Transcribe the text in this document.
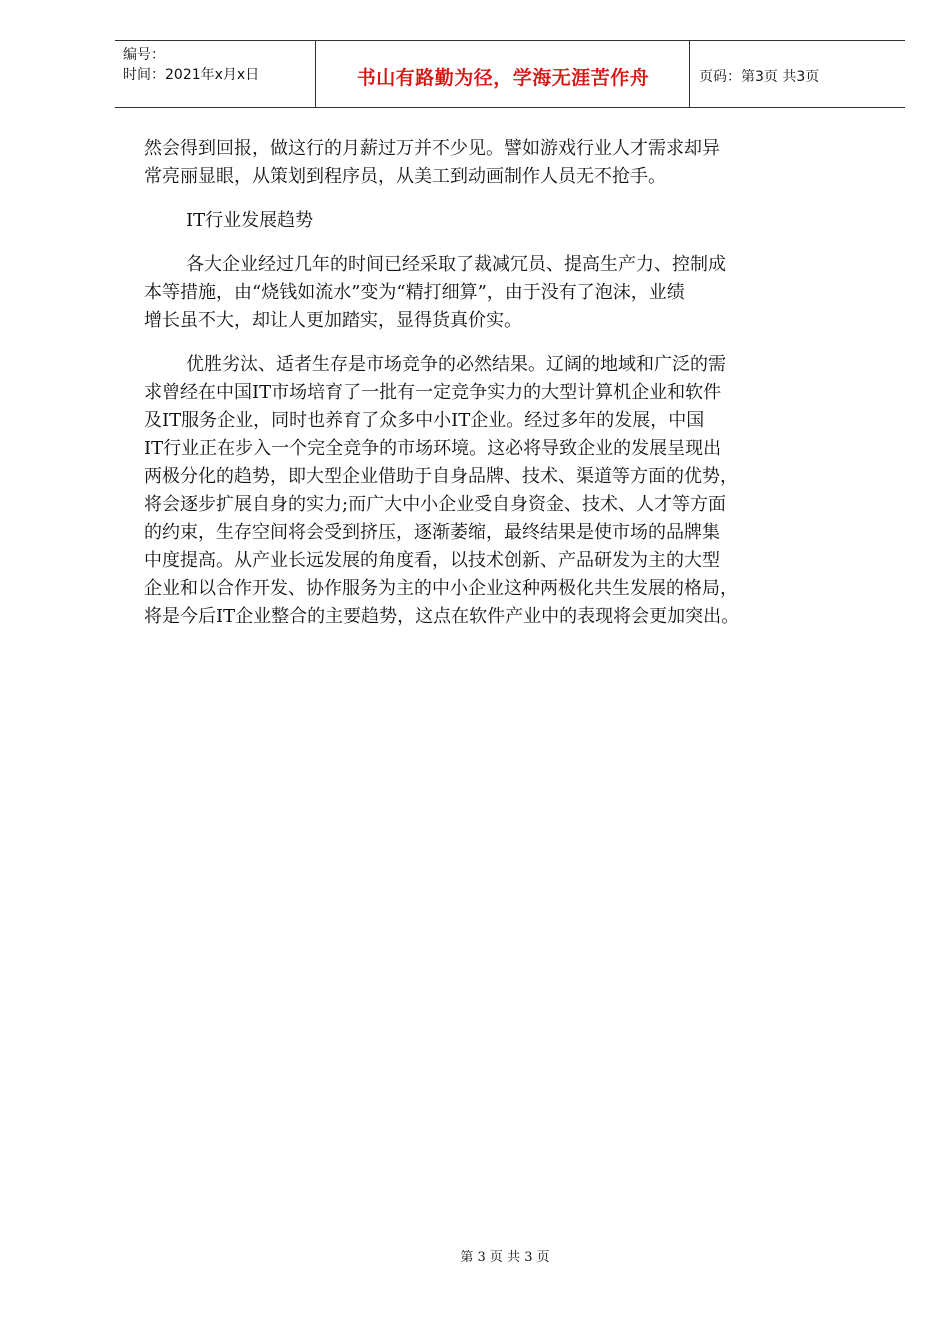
编号：
时间：2021年x月x日	书山有路勤为径，学海无涯苦作舟	页码：第3页 共3页

然会得到回报，做这行的月薪过万并不少见。譬如游戏行业人才需求却异

常亮丽显眼，从策划到程序员，从美工到动画制作人员无不抢手。

IT行业发展趋势

各大企业经过几年的时间已经采取了裁减冗员、提高生产力、控制成

本等措施，由“烧钱如流水”变为“精打细算”，由于没有了泡沫，业绩

增长虽不大，却让人更加踏实，显得货真价实。

优胜劣汰、适者生存是市场竞争的必然结果。辽阔的地域和广泛的需

求曾经在中国IT市场培育了一批有一定竞争实力的大型计算机企业和软件

及IT服务企业，同时也养育了众多中小IT企业。经过多年的发展，中国

IT行业正在步入一个完全竞争的市场环境。这必将导致企业的发展呈现出

两极分化的趋势，即大型企业借助于自身品牌、技术、渠道等方面的优势，

将会逐步扩展自身的实力;而广大中小企业受自身资金、技术、人才等方面

的约束，生存空间将会受到挤压，逐渐萎缩，最终结果是使市场的品牌集

中度提高。从产业长远发展的角度看，以技术创新、产品研发为主的大型

企业和以合作开发、协作服务为主的中小企业这种两极化共生发展的格局，

将是今后IT企业整合的主要趋势，这点在软件产业中的表现将会更加突出。

第 3 页 共 3 页
